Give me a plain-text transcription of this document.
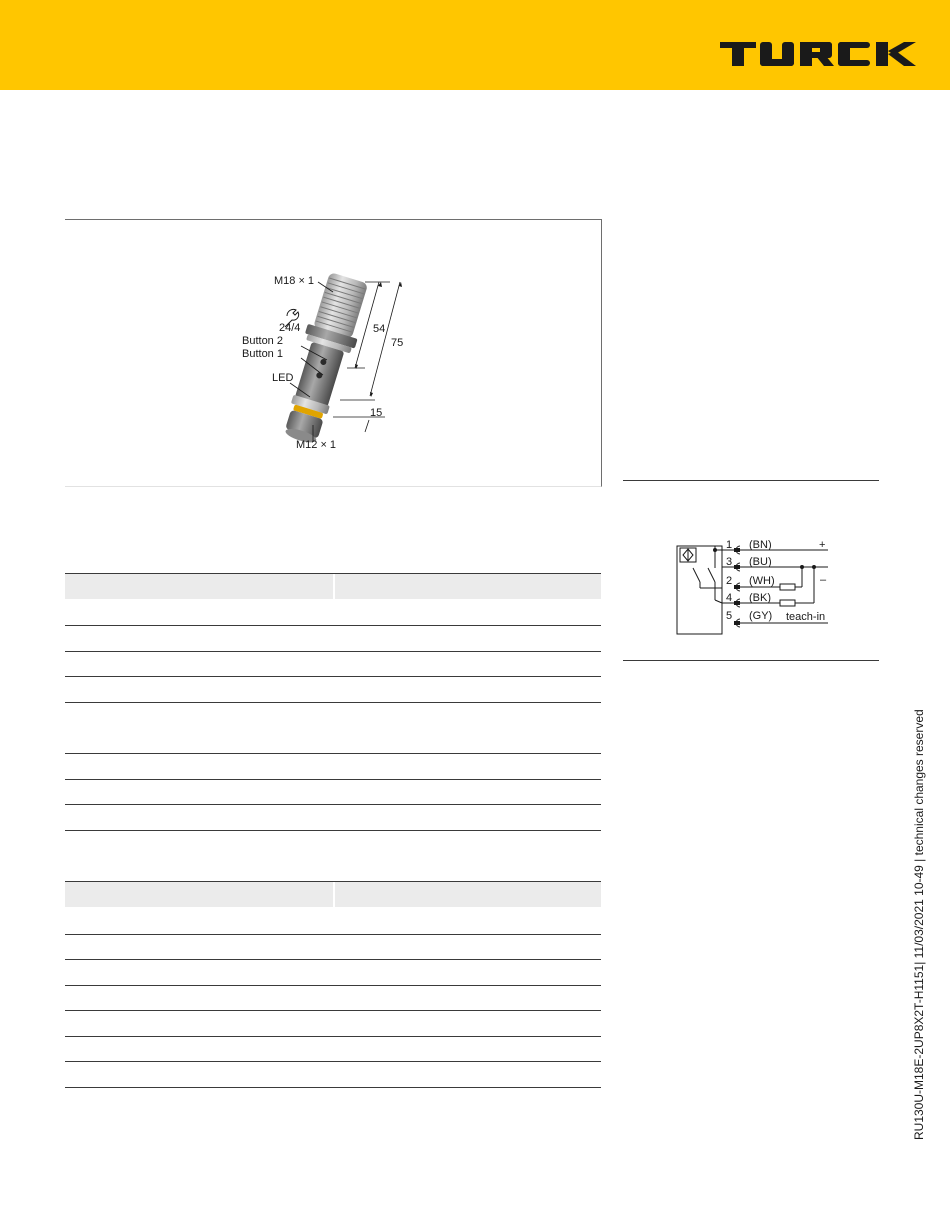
M18 × 1
24/4
Button 2
Button 1
LED
M12 × 1
54
75
15
1 (BN)
3 (BU)
2 (WH)
4 (BK)
5 (GY)
+
–
teach-in
RU130U-M18E-2UP8X2T-H1151| 11/03/2021 10-49 | technical changes reserved
